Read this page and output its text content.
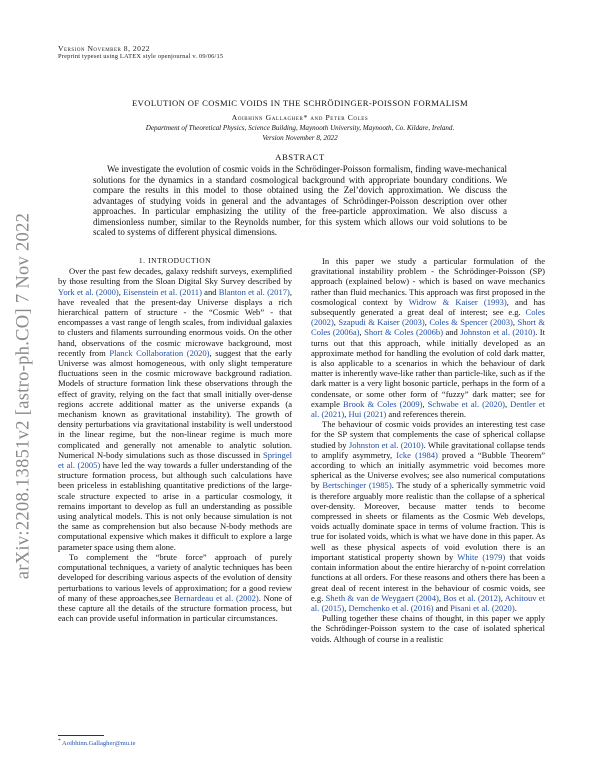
Version November 8, 2022
Preprint typeset using LATEX style openjournal v. 09/06/15
EVOLUTION OF COSMIC VOIDS IN THE SCHRÖDINGER-POISSON FORMALISM
Aoibhinn Gallagher* and Peter Coles
Department of Theoretical Physics, Science Building, Maynooth University, Maynooth, Co. Kildare, Ireland.
Version November 8, 2022
ABSTRACT
We investigate the evolution of cosmic voids in the Schrödinger-Poisson formalism, finding wave-mechanical solutions for the dynamics in a standard cosmological background with appropriate boundary conditions. We compare the results in this model to those obtained using the Zel’dovich approximation. We discuss the advantages of studying voids in general and the advantages of Schrödinger-Poisson description over other approaches. In particular emphasizing the utility of the free-particle approximation. We also discuss a dimensionless number, similar to the Reynolds number, for this system which allows our void solutions to be scaled to systems of different physical dimensions.
arXiv:2208.13851v2 [astro-ph.CO] 7 Nov 2022	1. INTRODUCTION

Over the past few decades, galaxy redshift surveys, exemplified by those resulting from the Sloan Digital Sky Survey described by York et al. (2000), Eisenstein et al. (2011) and Blanton et al. (2017), have revealed that the present-day Universe displays a rich hierarchical pattern of structure - the “Cosmic Web” - that encompasses a vast range of length scales, from individual galaxies to clusters and filaments surrounding enormous voids. On the other hand, observations of the cosmic microwave background, most recently from Planck Collaboration (2020), suggest that the early Universe was almost homogeneous, with only slight temperature fluctuations seen in the cosmic microwave background radiation. Models of structure formation link these observations through the effect of gravity, relying on the fact that small initially over-dense regions accrete additional matter as the universe expands (a mechanism known as gravitational instability). The growth of density perturbations via gravitational instability is well understood in the linear regime, but the non-linear regime is much more complicated and generally not amenable to analytic solution. Numerical N-body simulations such as those discussed in Springel et al. (2005) have led the way towards a fuller understanding of the structure formation process, but although such calculations have been priceless in establishing quantitative predictions of the large-scale structure expected to arise in a particular cosmology, it remains important to develop as full an understanding as possible using analytical models. This is not only because simulation is not the same as comprehension but also because N-body methods are computational expensive which makes it difficult to explore a large parameter space using them alone.

To complement the “brute force” approach of purely computational techniques, a variety of analytic techniques has been developed for describing various aspects of the evolution of density perturbations to various levels of approximation; for a good review of many of these approaches,see Bernardeau et al. (2002). None of these capture all the details of the structure formation process, but each can provide useful information in particular circumstances.

In this paper we study a particular formulation of the gravitational instability problem - the Schrödinger-Poisson (SP) approach (explained below) - which is based on wave mechanics rather than fluid mechanics. This approach was first proposed in the cosmological context by Widrow & Kaiser (1993), and has subsequently generated a great deal of interest; see e.g. Coles (2002), Szapudi & Kaiser (2003), Coles & Spencer (2003), Short & Coles (2006a), Short & Coles (2006b) and Johnston et al. (2010). It turns out that this approach, while initially developed as an approximate method for handling the evolution of cold dark matter, is also applicable to a scenarios in which the behaviour of dark matter is inherently wave-like rather than particle-like, such as if the dark matter is a very light bosonic particle, perhaps in the form of a condensate, or some other form of “fuzzy” dark matter; see for example Brook & Coles (2009), Schwabe et al. (2020), Dentler et al. (2021), Hui (2021) and references therein.

The behaviour of cosmic voids provides an interesting test case for the SP system that complements the case of spherical collapse studied by Johnston et al. (2010). While gravitational collapse tends to amplify asymmetry, Icke (1984) proved a “Bubble Theorem” according to which an initially asymmetric void becomes more spherical as the Universe evolves; see also numerical computations by Bertschinger (1985). The study of a spherically symmetric void is therefore arguably more realistic than the collapse of a spherical over-density. Moreover, because matter tends to become compressed in sheets or filaments as the Cosmic Web develops, voids actually dominate space in terms of volume fraction. This is true for isolated voids, which is what we have done in this paper. As well as these physical aspects of void evolution there is an important statistical property shown by White (1979) that voids contain information about the entire hierarchy of n-point correlation functions at all orders. For these reasons and others there has been a great deal of recent interest in the behaviour of cosmic voids, see e.g. Sheth & van de Weygaert (2004), Bos et al. (2012), Achitouv et al. (2015), Demchenko et al. (2016) and Pisani et al. (2020).

Pulling together these chains of thought, in this paper we apply the Schrödinger-Poisson system to the case of isolated spherical voids. Although of course in a realistic

* Aoibhinn.Gallagher@mu.ie
